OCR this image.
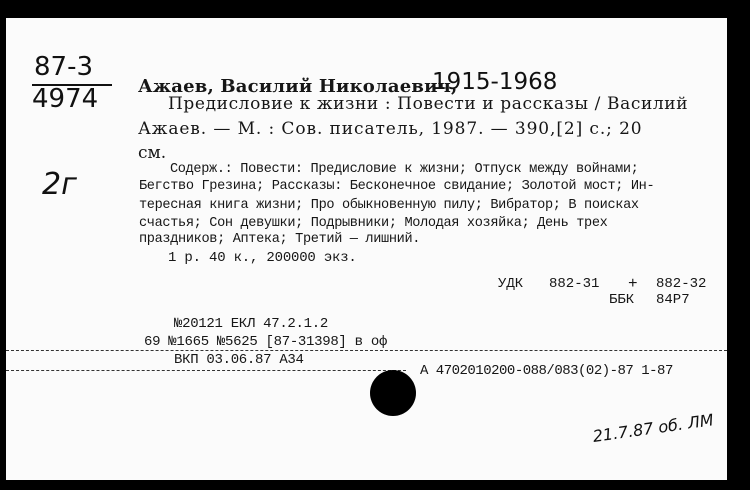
87-3
4974
2г
Ажаев, Василий Николаевич,
1915-1968
Предисловие к жизни : Повести и рассказы / Василий
Ажаев. — М. : Сов. писатель, 1987. — 390,[2] с.; 20
см.
Содерж.: Повести: Предисловие к жизни; Отпуск между войнами;
Бегство Грезина; Рассказы: Бесконечное свидание; Золотой мост; Ин-
тересная книга жизни; Про обыкновенную пилу; Вибратор; В поисках
счастья; Сон девушки; Подрывники; Молодая хозяйка; День трех
праздников; Аптека; Третий — лишний.
1 р. 40 к., 200000 экз.
УДК 882-31 + 882-32
ББК 84Р7
№20121 ЕКЛ 47.2.1.2
69 №1665 №5625 [87-31398] в оф
ВКП 03.06.87 А34
А 4702010200-088/083(02)-87 1-87
21.7.87 об. ЛМ
